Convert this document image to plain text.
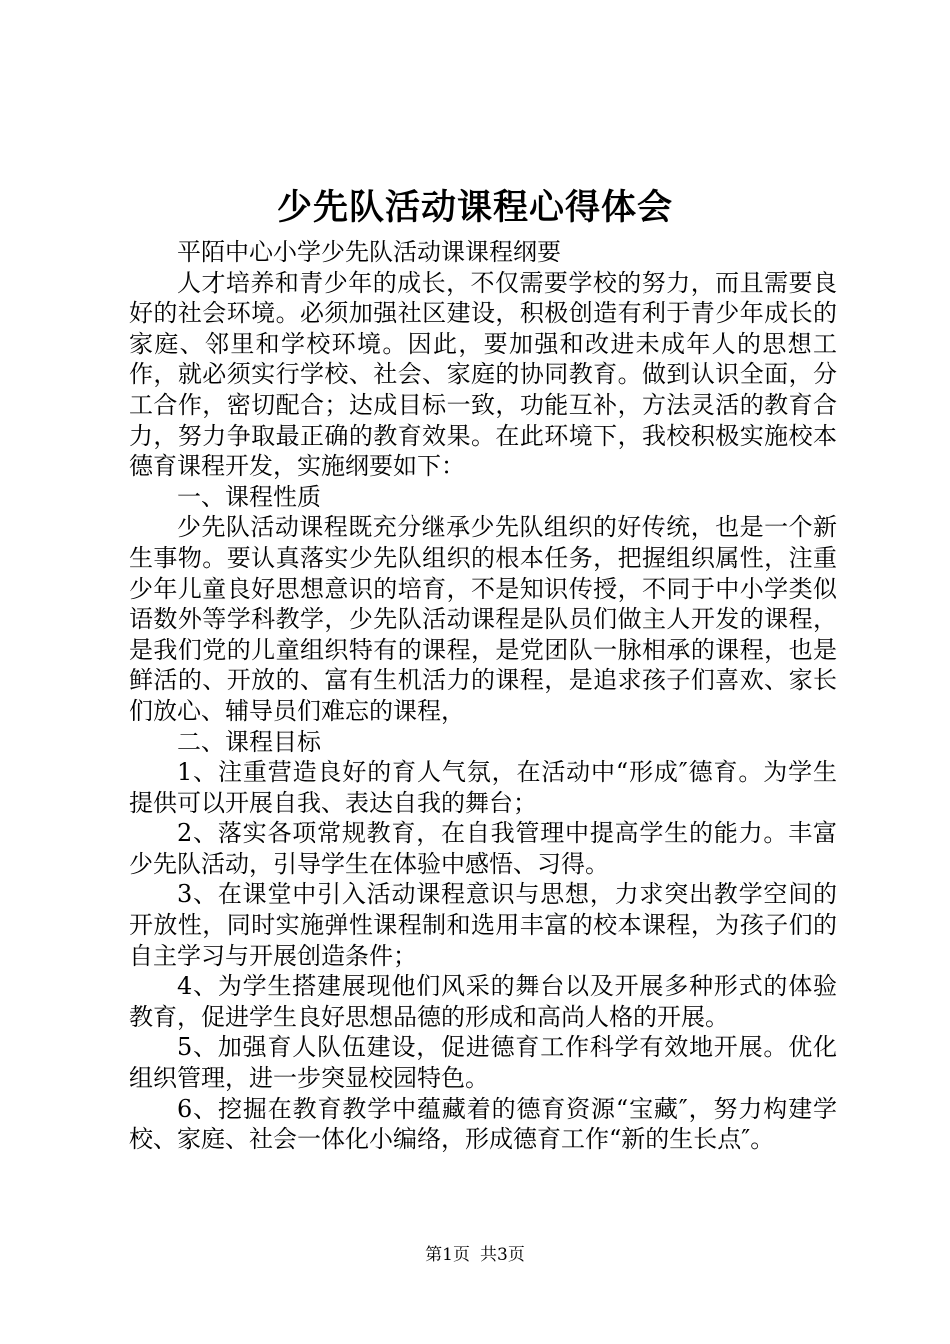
少先队活动课程心得体会

平陌中心小学少先队活动课课程纲要

人才培养和青少年的成长，不仅需要学校的努力，而且需要良好的社会环境。必须加强社区建设，积极创造有利于青少年成长的家庭、邻里和学校环境。因此，要加强和改进未成年人的思想工作，就必须实行学校、社会、家庭的协同教育。做到认识全面，分工合作，密切配合；达成目标一致，功能互补，方法灵活的教育合力，努力争取最正确的教育效果。在此环境下，我校积极实施校本德育课程开发，实施纲要如下：

一、课程性质

少先队活动课程既充分继承少先队组织的好传统，也是一个新生事物。要认真落实少先队组织的根本任务，把握组织属性，注重少年儿童良好思想意识的培育，不是知识传授，不同于中小学类似语数外等学科教学，少先队活动课程是队员们做主人开发的课程，是我们党的儿童组织特有的课程，是党团队一脉相承的课程，也是鲜活的、开放的、富有生机活力的课程，是追求孩子们喜欢、家长们放心、辅导员们难忘的课程，

二、课程目标

1、注重营造良好的育人气氛，在活动中“形成″德育。为学生提供可以开展自我、表达自我的舞台；

2、落实各项常规教育，在自我管理中提高学生的能力。丰富少先队活动，引导学生在体验中感悟、习得。

3、在课堂中引入活动课程意识与思想，力求突出教学空间的开放性，同时实施弹性课程制和选用丰富的校本课程，为孩子们的自主学习与开展创造条件；

4、为学生搭建展现他们风采的舞台以及开展多种形式的体验教育，促进学生良好思想品德的形成和高尚人格的开展。

5、加强育人队伍建设，促进德育工作科学有效地开展。优化组织管理，进一步突显校园特色。

6、挖掘在教育教学中蕴藏着的德育资源“宝藏″，努力构建学校、家庭、社会一体化小编络，形成德育工作“新的生长点″。

第1页 共3页
